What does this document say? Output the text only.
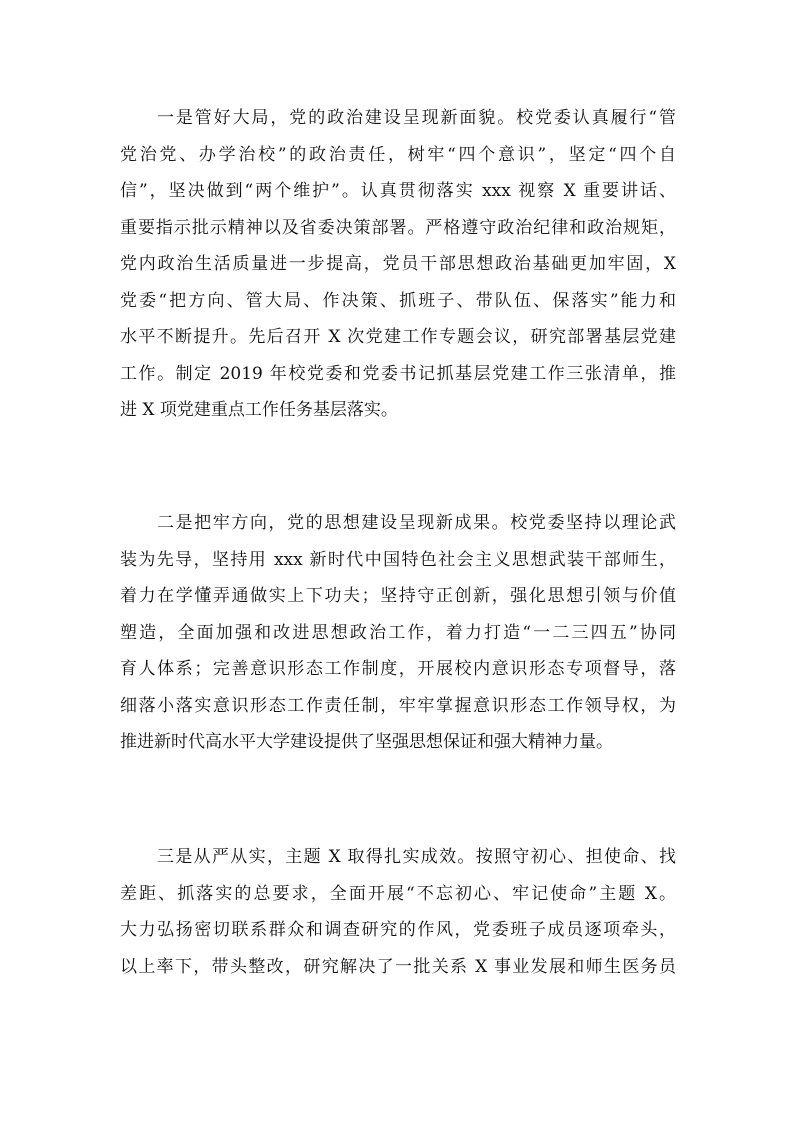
一是管好大局，党的政治建设呈现新面貌。校党委认真履行“管
党治党、办学治校”的政治责任，树牢“四个意识”，坚定“四个自
信”，坚决做到“两个维护”。认真贯彻落实 xxx 视察 X 重要讲话、
重要指示批示精神以及省委决策部署。严格遵守政治纪律和政治规矩，
党内政治生活质量进一步提高，党员干部思想政治基础更加牢固，X
党委“把方向、管大局、作决策、抓班子、带队伍、保落实”能力和
水平不断提升。先后召开 X 次党建工作专题会议，研究部署基层党建
工作。制定 2019 年校党委和党委书记抓基层党建工作三张清单，推
进 X 项党建重点工作任务基层落实。
二是把牢方向，党的思想建设呈现新成果。校党委坚持以理论武
装为先导，坚持用 xxx 新时代中国特色社会主义思想武装干部师生，
着力在学懂弄通做实上下功夫；坚持守正创新，强化思想引领与价值
塑造，全面加强和改进思想政治工作，着力打造“一二三四五”协同
育人体系；完善意识形态工作制度，开展校内意识形态专项督导，落
细落小落实意识形态工作责任制，牢牢掌握意识形态工作领导权，为
推进新时代高水平大学建设提供了坚强思想保证和强大精神力量。
三是从严从实，主题 X 取得扎实成效。按照守初心、担使命、找
差距、抓落实的总要求，全面开展“不忘初心、牢记使命”主题 X。
大力弘扬密切联系群众和调查研究的作风，党委班子成员逐项牵头，
以上率下，带头整改，研究解决了一批关系 X 事业发展和师生医务员
